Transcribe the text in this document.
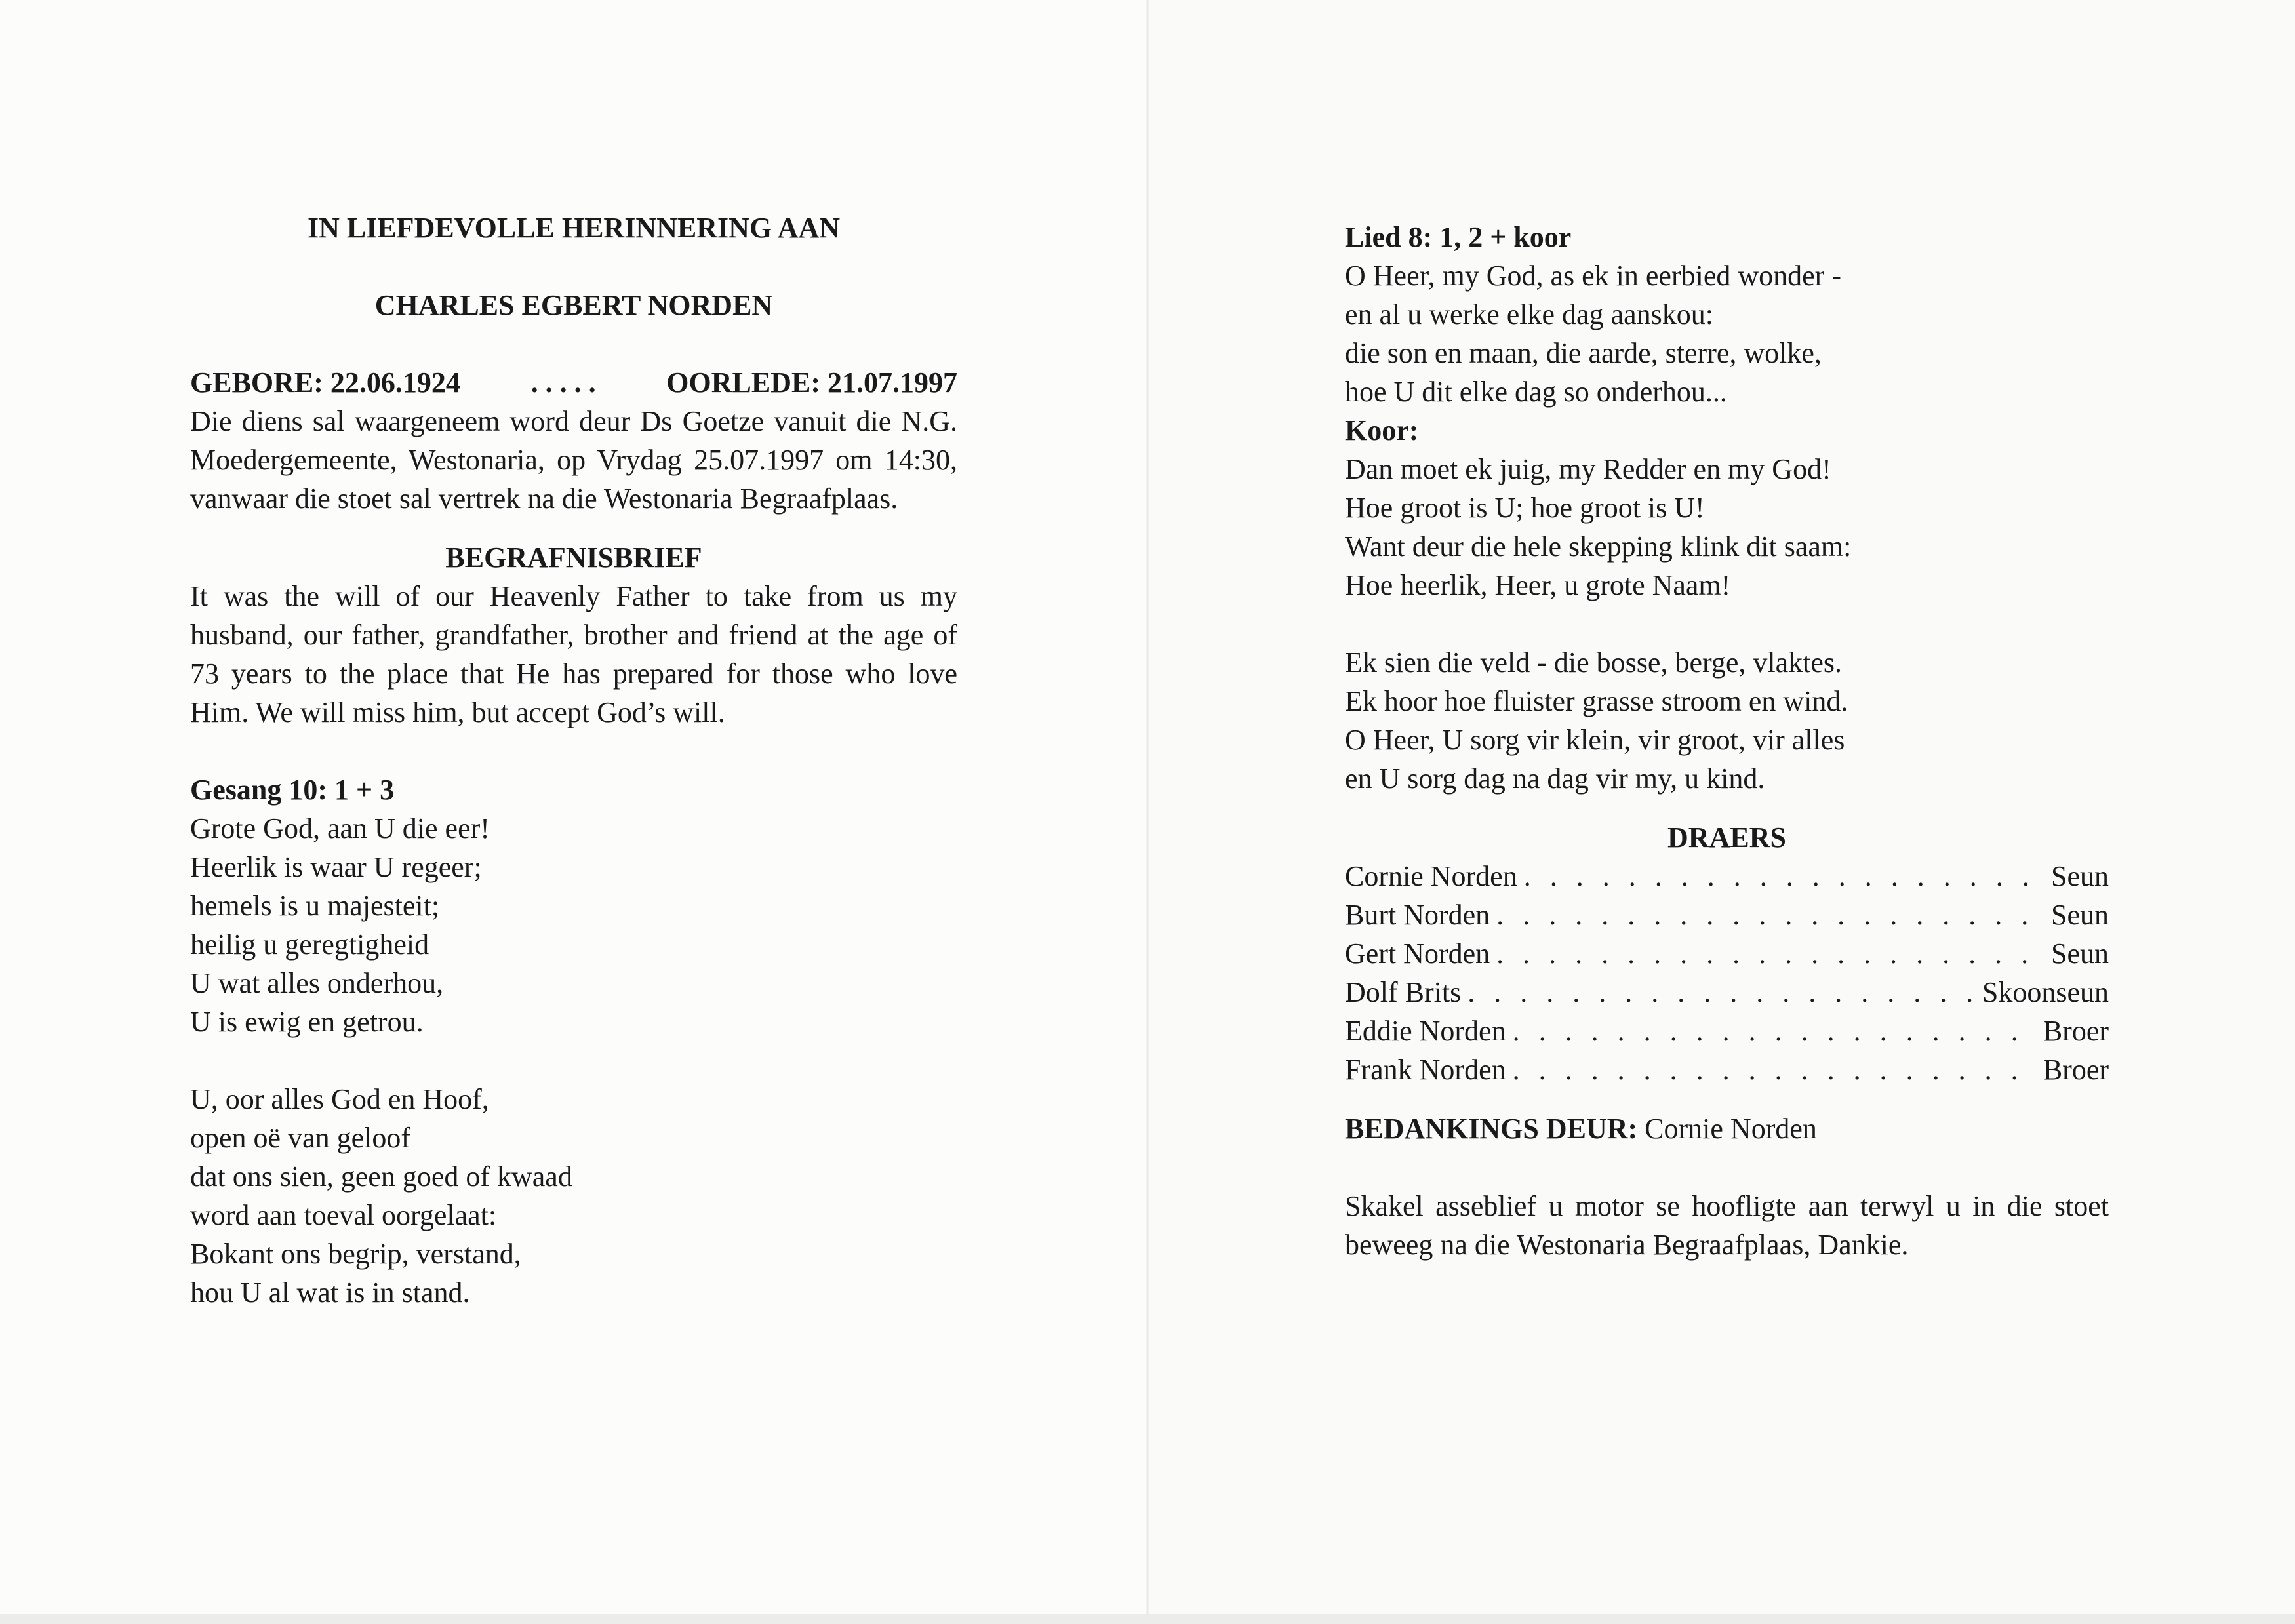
IN LIEFDEVOLLE HERINNERING AAN

CHARLES EGBERT NORDEN

GEBORE: 22.06.1924 . . . . . OORLEDE: 21.07.1997

Die diens sal waargeneem word deur Ds Goetze vanuit die N.G. Moedergemeente, Westonaria, op Vrydag 25.07.1997 om 14:30, vanwaar die stoet sal vertrek na die Westonaria Begraafplaas.

BEGRAFNISBRIEF

It was the will of our Heavenly Father to take from us my husband, our father, grandfather, brother and friend at the age of 73 years to the place that He has prepared for those who love Him. We will miss him, but accept God’s will.

Gesang 10: 1 + 3

Grote God, aan U die eer!

Heerlik is waar U regeer;

hemels is u majesteit;

heilig u geregtigheid

U wat alles onderhou,

U is ewig en getrou.

U, oor alles God en Hoof,

open oë van geloof

dat ons sien, geen goed of kwaad

word aan toeval oorgelaat:

Bokant ons begrip, verstand,

hou U al wat is in stand.

Lied 8: 1, 2 + koor

O Heer, my God, as ek in eerbied wonder -

en al u werke elke dag aanskou:

die son en maan, die aarde, sterre, wolke,

hoe U dit elke dag so onderhou...

Koor:

Dan moet ek juig, my Redder en my God!

Hoe groot is U; hoe groot is U!

Want deur die hele skepping klink dit saam:

Hoe heerlik, Heer, u grote Naam!

Ek sien die veld - die bosse, berge, vlaktes.

Ek hoor hoe fluister grasse stroom en wind.

O Heer, U sorg vir klein, vir groot, vir alles

en U sorg dag na dag vir my, u kind.

DRAERS

Cornie Norden . . .	Seun
Burt Norden . . .	Seun
Gert Norden . . .	Seun
Dolf Brits . . .	Skoonseun
Eddie Norden . . .	Broer
Frank Norden . . .	Broer

BEDANKINGS DEUR: Cornie Norden

Skakel asseblief u motor se hoofligte aan terwyl u in die stoet beweeg na die Westonaria Begraafplaas, Dankie.
